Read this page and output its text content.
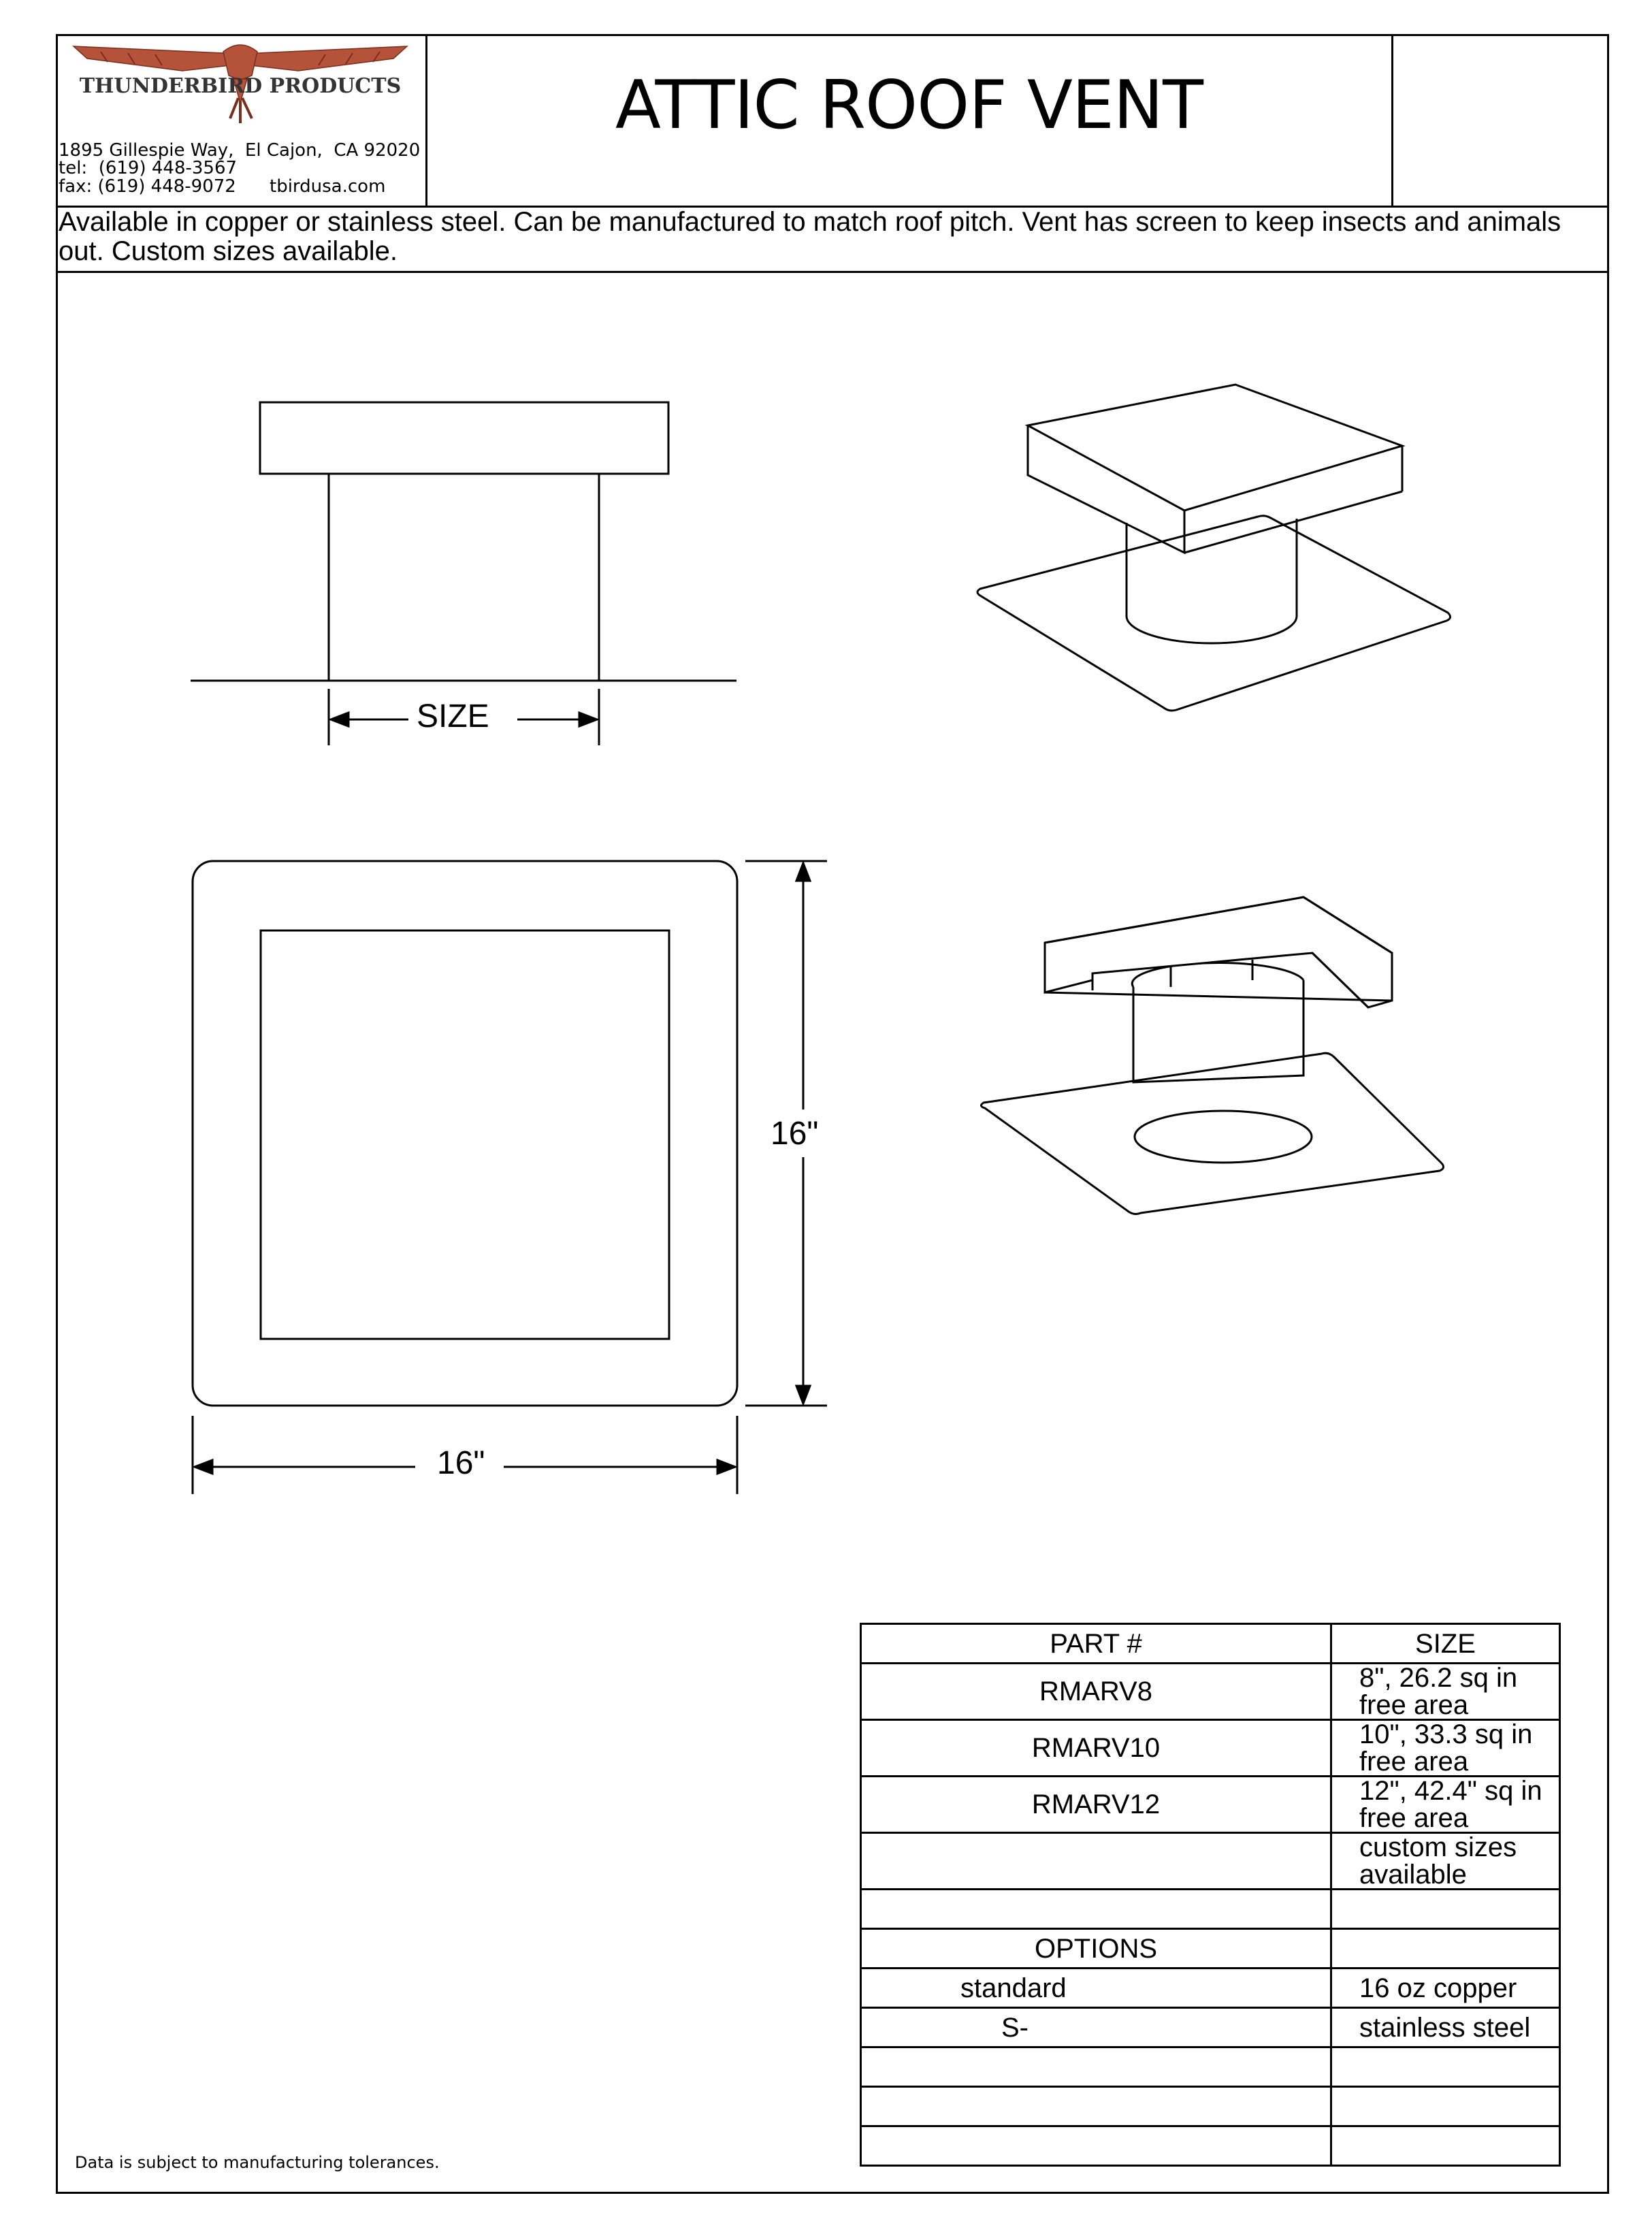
THUNDERBIRD PRODUCTS
1895 Gillespie Way,  El Cajon,  CA 92020
tel:  (619) 448-3567
fax: (619) 448-9072 tbirdusa.com
ATTIC ROOF VENT
Available in copper or stainless steel. Can be manufactured to match roof pitch. Vent has screen to keep insects and animals out. Custom sizes available.
SIZE
16"
16"
PART #	SIZE
RMARV8	8", 26.2 sq in free area
RMARV10	10", 33.3 sq in free area
RMARV12	12", 42.4" sq in free area
	custom sizes available

OPTIONS	
standard	16 oz copper
S-	stainless steel

Data is subject to manufacturing tolerances.
